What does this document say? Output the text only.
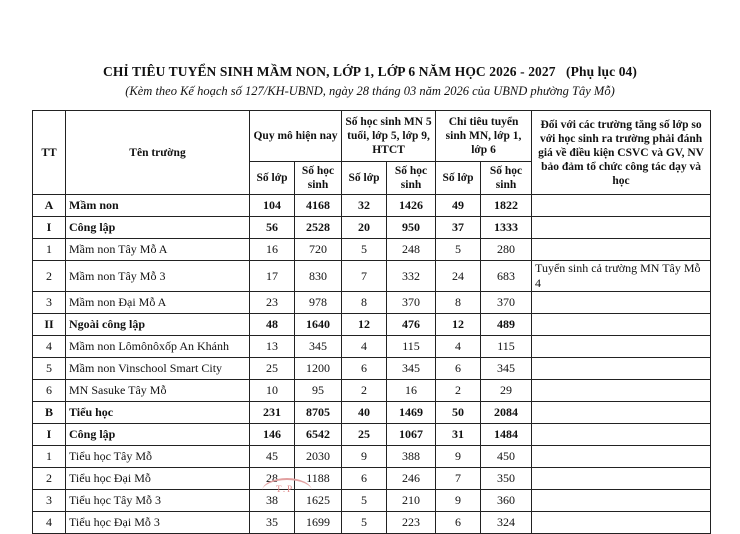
CHỈ TIÊU TUYỂN SINH MẦM NON, LỚP 1, LỚP 6 NĂM HỌC 2026 - 2027 (Phụ lục 04)
(Kèm theo Kế hoạch số 127/KH-UBND, ngày 28 tháng 03 năm 2026 của UBND phường Tây Mỗ)
TT	Tên trường	Quy mô hiện nay		Số học sinh MN 5 tuổi, lớp 5, lớp 9, HTCT		Chỉ tiêu tuyển sinh MN, lớp 1, lớp 6		Đối với các trường tăng số lớp so với học sinh ra trường phải đánh giá về điều kiện CSVC và GV, NV bảo đảm tổ chức công tác dạy và học
		Số lớp	Số học sinh	Số lớp	Số học sinh	Số lớp	Số học sinh	
A	Mầm non	104	4168	32	1426	49	1822	
I	Công lập	56	2528	20	950	37	1333	
1	Mầm non Tây Mỗ A	16	720	5	248	5	280	
2	Mầm non Tây Mỗ 3	17	830	7	332	24	683	Tuyển sinh cả trường MN Tây Mỗ 4
3	Mầm non Đại Mỗ A	23	978	8	370	8	370	
II	Ngoài công lập	48	1640	12	476	12	489	
4	Mầm non Lômônôxốp An Khánh	13	345	4	115	4	115	
5	Mầm non Vinschool Smart City	25	1200	6	345	6	345	
6	MN Sasuke Tây Mỗ	10	95	2	16	2	29	
B	Tiểu học	231	8705	40	1469	50	2084	
I	Công lập	146	6542	25	1067	31	1484	
1	Tiểu học Tây Mỗ	45	2030	9	388	9	450	
2	Tiểu học Đại Mỗ	28	1188	6	246	7	350	
3	Tiểu học Tây Mỗ 3	38	1625	5	210	9	360	
4	Tiểu học Đại Mỗ 3	35	1699	5	223	6	324	
T.P
